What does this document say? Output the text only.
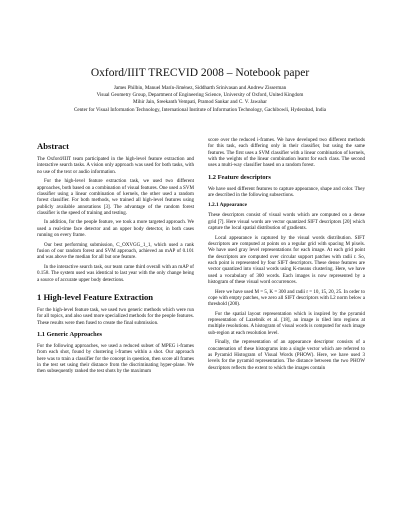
Oxford/IIIT TRECVID 2008 – Notebook paper
James Philbin, Manuel Marín-Jiménez, Siddharth Srinivasan and Andrew Zisserman
Visual Geometry Group, Department of Engineering Science, University of Oxford, United Kingdom
Mihir Jain, Sreekanth Vempati, Pramod Sankar and C. V. Jawahar
Center for Visual Information Technology, International Institute of Information Technology, Gachibowli, Hyderabad, India
Abstract

The Oxford/IIIT team participated in the high-level feature extraction and interactive search tasks. A vision only approach was used for both tasks, with no use of the text or audio information.

For the high-level feature extraction task, we used two different approaches, both based on a combination of visual features. One used a SVM classifier using a linear combination of kernels, the other used a random forest classifier. For both methods, we trained all high-level features using publicly available annotations [3]. The advantage of the random forest classifier is the speed of training and testing.

In addition, for the people feature, we took a more targeted approach. We used a real-time face detector and an upper body detector, in both cases running on every frame.

Our best performing submission, C_OXVGG_1_1, which used a rank fusion of our random forest and SVM approach, achieved an mAP of 0.101 and was above the median for all but one feature.

In the interactive search task, our team came third overall with an mAP of 0.158. The system used was identical to last year with the only change being a source of accurate upper body detections.

1 High-level Feature Extraction

For the high-level feature task, we used two generic methods which were run for all topics, and also used more specialized methods for the people features. These results were then fused to create the final submission.

1.1 Generic Approaches

For the following approaches, we used a reduced subset of MPEG i-frames from each shot, found by clustering i-frames within a shot. Our approach here was to train a classifier for the concept in question, then score all frames in the test set using their distance from the discriminating hyper-plane. We then subsequently ranked the test shots by the maximum

score over the reduced i-frames. We have developed two different methods for this task, each differing only in their classifier, but using the same features. The first uses a SVM classifier with a linear combination of kernels, with the weights of the linear combination learnt for each class. The second uses a multi-way classifier based on a random forest.

1.2 Feature descriptors

We have used different features to capture appearance, shape and color. They are described in the following subsections.

1.2.1 Appearance

These descriptors consist of visual words which are computed on a dense grid [7]. Here visual words are vector quantized SIFT descriptors [20] which capture the local spatial distribution of gradients.

Local appearance is captured by the visual words distribution. SIFT descriptors are computed at points on a regular grid with spacing M pixels. We have used gray level representations for each image. At each grid point the descriptors are computed over circular support patches with radii r. So, each point is represented by four SIFT descriptors. These dense features are vector quantized into visual words using K-means clustering. Here, we have used a vocabulary of 300 words. Each images is now represented by a histogram of these visual word occurrences.

Here we have used M = 5, K = 300 and radii r = 10, 15, 20, 25. In order to cope with empty patches, we zero all SIFT descriptors with L2 norm below a threshold (200).

For the spatial layout representation which is inspired by the pyramid representation of Lazebnik et al. [18], an image is tiled into regions at multiple resolutions. A histogram of visual words is computed for each image sub-region at each resolution level.

Finally, the representation of an appearance descriptor consists of a concatenation of these histograms into a single vector which are referred to as Pyramid Histogram of Visual Words (PHOW). Here, we have used 3 levels for the pyramid representation. The distance between the two PHOW descriptors reflects the extent to which the images contain
